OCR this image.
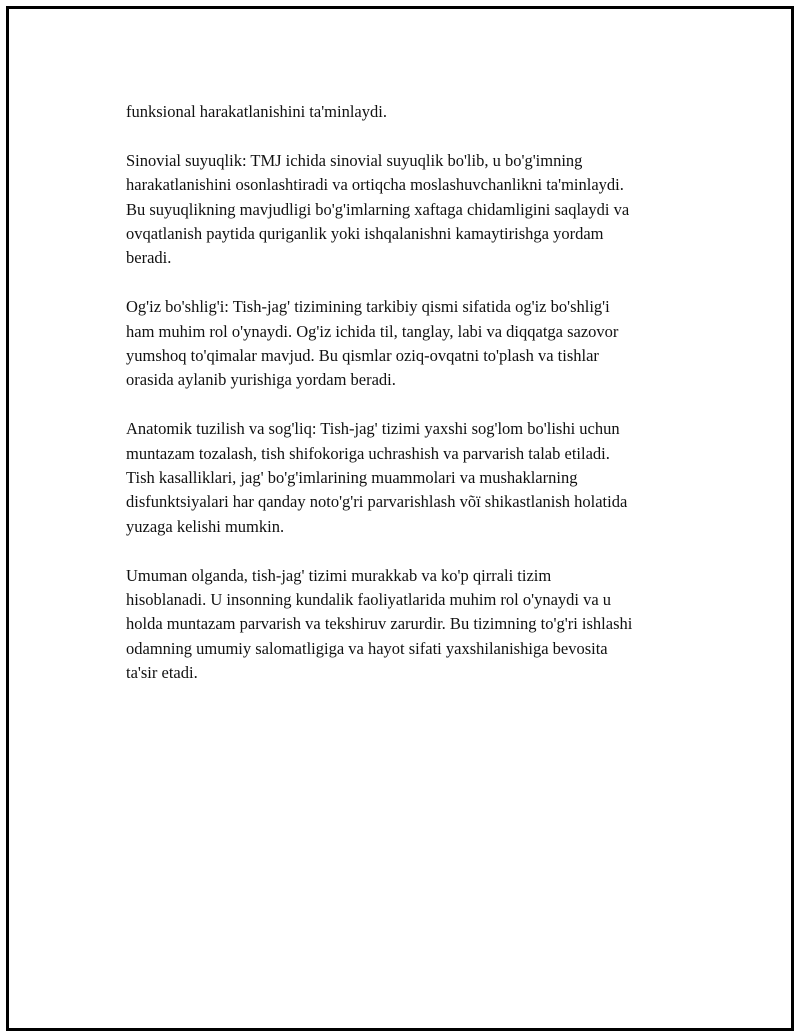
funksional harakatlanishini ta'minlaydi.

Sinovial suyuqlik: TMJ ichida sinovial suyuqlik bo'lib, u bo'g'imning
harakatlanishini osonlashtiradi va ortiqcha moslashuvchanlikni ta'minlaydi.
Bu suyuqlikning mavjudligi bo'g'imlarning xaftaga chidamligini saqlaydi va
ovqatlanish paytida quriganlik yoki ishqalanishni kamaytirishga yordam
beradi.

Og'iz bo'shlig'i: Tish-jag' tizimining tarkibiy qismi sifatida og'iz bo'shlig'i
ham muhim rol o'ynaydi. Og'iz ichida til, tanglay, labi va diqqatga sazovor
yumshoq to'qimalar mavjud. Bu qismlar oziq-ovqatni to'plash va tishlar
orasida aylanib yurishiga yordam beradi.

Anatomik tuzilish va sog'liq: Tish-jag' tizimi yaxshi sog'lom bo'lishi uchun
muntazam tozalash, tish shifokoriga uchrashish va parvarish talab etiladi.
Tish kasalliklari, jag' bo'g'imlarining muammolari va mushaklarning
disfunktsiyalari har qanday noto'g'ri parvarishlash võï shikastlanish holatida
yuzaga kelishi mumkin.

Umuman olganda, tish-jag' tizimi murakkab va ko'p qirrali tizim
hisoblanadi. U insonning kundalik faoliyatlarida muhim rol o'ynaydi va u
holda muntazam parvarish va tekshiruv zarurdir. Bu tizimning to'g'ri ishlashi
odamning umumiy salomatligiga va hayot sifati yaxshilanishiga bevosita
ta'sir etadi.
